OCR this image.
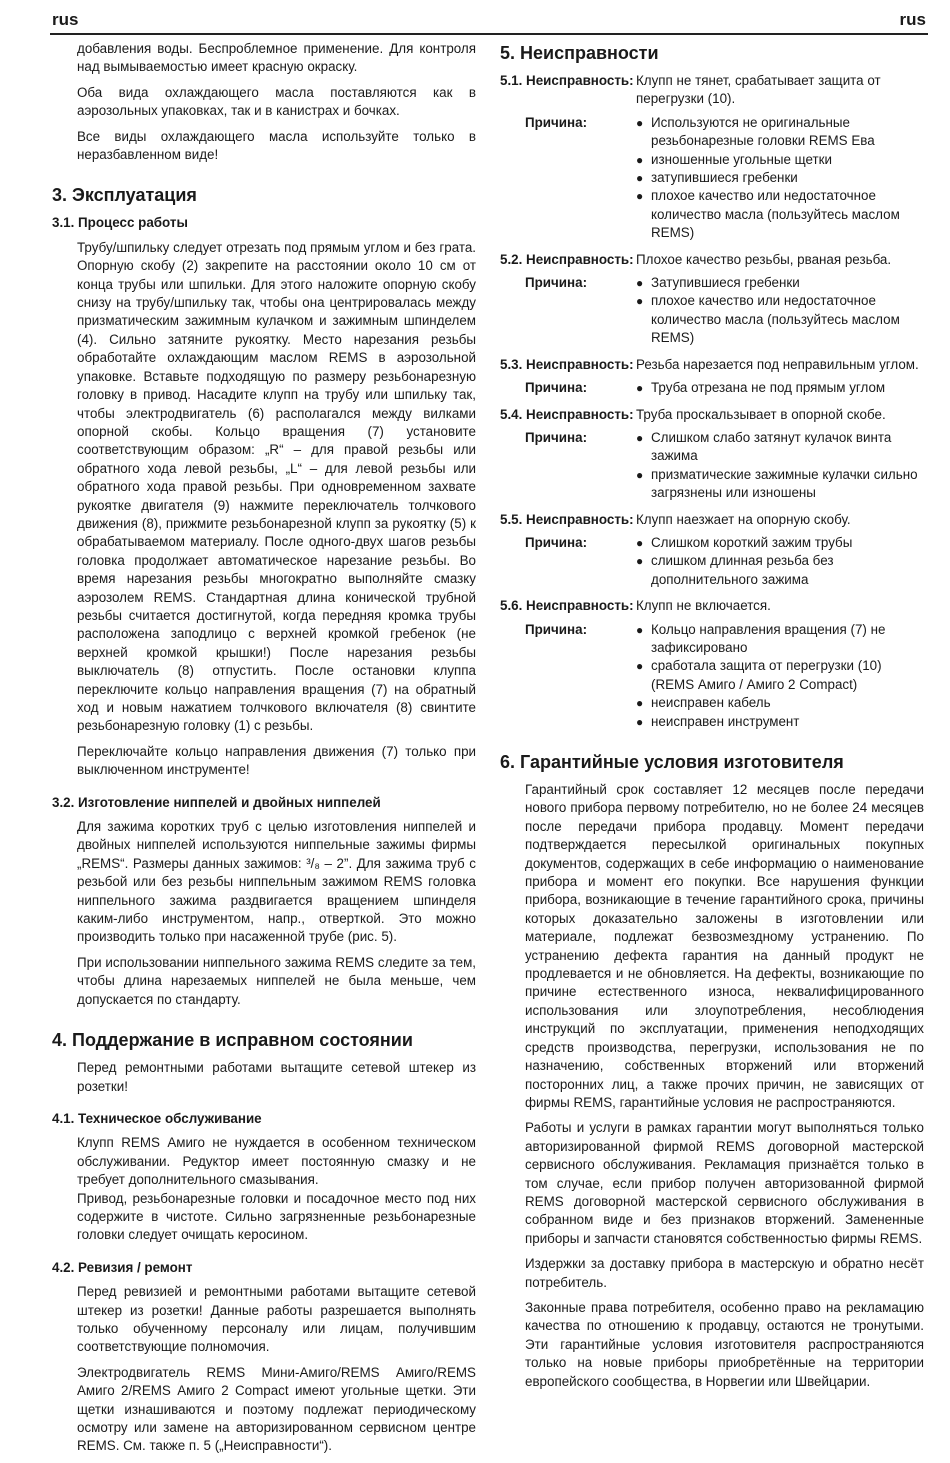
rus	rus

добавления воды. Беспроблемное применение. Для контроля над вымываемостью имеет красную окраску.

Оба вида охлаждающего масла поставляются как в аэрозольных упаковках, так и в канистрах и бочках.

Все виды охлаждающего масла используйте только в неразбавленном виде!

3. Эксплуатация
3.1. Процесс работы

Трубу/шпильку следует отрезать под прямым углом и без грата. Опорную скобу (2) закрепите на расстоянии около 10 см от конца трубы или шпильки. Для этого наложите опорную скобу снизу на трубу/шпильку так, чтобы она центрировалась между призматическим зажимным кулачком и зажимным шпинделем (4). Сильно затяните рукоятку. Место нарезания резьбы обработайте охлаждающим маслом REMS в аэрозольной упаковке. Вставьте подходящую по размеру резьбонарезную головку в привод. Насадите клупп на трубу или шпильку так, чтобы электродвигатель (6) располагался между вилками опорной скобы. Кольцо вращения (7) установите соответствующим образом: „R“ – для правой резьбы или обратного хода левой резьбы, „L“ – для левой резьбы или обратного хода правой резьбы. При одновременном захвате рукоятке двигателя (9) нажмите переключатель толчкового движения (8), прижмите резьбонарезной клупп за рукоятку (5) к обрабатываемом материалу. После одного-двух шагов резьбы головка продолжает автоматическое нарезание резьбы. Во время нарезания резьбы многократно выполняйте смазку аэрозолем REMS. Стандартная длина конической трубной резьбы считается достигнутой, когда передняя кромка трубы расположена заподлицо с верхней кромкой гребенок (не верхней кромкой крышки!) После нарезания резьбы выключатель (8) отпустить. После остановки клуппа переключите кольцо направления вращения (7) на обратный ход и новым нажатием толчкового включателя (8) свинтите резьбонарезную головку (1) с резьбы.

Переключайте кольцо направления движения (7) только при выключенном инструменте!

3.2. Изготовление ниппелей и двойных ниппелей

Для зажима коротких труб с целью изготовления ниппелей и двойных ниппелей используются ниппельные зажимы фирмы „REMS“. Размеры данных зажимов: ³/₈ – 2”. Для зажима труб с резьбой или без резьбы ниппельным зажимом REMS головка ниппельного зажима раздвигается вращением шпинделя каким-либо инструментом, напр., отверткой. Это можно производить только при насаженной трубе (рис. 5).

При использовании ниппельного зажима REMS следите за тем, чтобы длина нарезаемых ниппелей не была меньше, чем допускается по стандарту.

4. Поддержание в исправном состоянии

Перед ремонтными работами вытащите сетевой штекер из розетки!

4.1. Техническое обслуживание

Клупп REMS Амиго не нуждается в особенном техническом обслуживании. Редуктор имеет постоянную смазку и не требует дополнительного смазывания.

Привод, резьбонарезные головки и посадочное место под них содержите в чистоте. Сильно загрязненные резьбонарезные головки следует очищать керосином.

4.2. Ревизия / ремонт

Перед ревизией и ремонтными работами вытащите сетевой штекер из розетки! Данные работы разрешается выполнять только обученному персоналу или лицам, получившим соответствующие полномочия.

Электродвигатель REMS Мини-Амиго/REMS Амиго/REMS Амиго 2/REMS Амиго 2 Compact имеют угольные щетки. Эти щетки изнашиваются и поэтому подлежат периодическому осмотру или замене на авторизированном сервисном центре REMS. См. также п. 5 („Неисправности“).

5. Неисправности
5.1. Неисправность: Клупп не тянет, срабатывает защита от перегрузки (10).
Причина:	● Используются не оригинальные резьбонарезные головки REMS Ева
● изношенные угольные щетки
● затупившиеся гребенки
● плохое качество или недостаточное количество масла (пользуйтесь маслом REMS)
5.2. Неисправность: Плохое качество резьбы, рваная резьба.
Причина:	● Затупившиеся гребенки
● плохое качество или недостаточное количество масла (пользуйтесь маслом REMS)
5.3. Неисправность: Резьба нарезается под неправильным углом.
Причина:	● Труба отрезана не под прямым углом
5.4. Неисправность: Труба проскальзывает в опорной скобе.
Причина:	● Слишком слабо затянут кулачок винта зажима
● призматические зажимные кулачки сильно загрязнены или изношены
5.5. Неисправность: Клупп наезжает на опорную скобу.
Причина:	● Слишком короткий зажим трубы
● слишком длинная резьба без дополнительного зажима
5.6. Неисправность: Клупп не включается.
Причина:	● Кольцо направления вращения (7) не зафиксировано
● сработала защита от перегрузки (10) (REMS Амиго / Амиго 2 Compact)
● неисправен кабель
● неисправен инструмент
6. Гарантийные условия изготовителя

Гарантийный срок составляет 12 месяцев после передачи нового прибора первому потребителю, но не более 24 месяцев после передачи прибора продавцу. Момент передачи подтверждается пересылкой оригинальных покупных документов, содержащих в себе информацию о наименование прибора и момент его покупки. Все нарушения функции прибора, возникающие в течение гарантийного срока, причины которых доказательно заложены в изготовлении или материале, подлежат безвозмездному устранению. По устранению дефекта гарантия на данный продукт не продлевается и не обновляется. На дефекты, возникающие по причине естественного износа, неквалифицированного использования или злоупотребления, несоблюдения инструкций по эксплуатации, применения неподходящих средств производства, перегрузки, использования не по назначению, собственных вторжений или вторжений посторонних лиц, а также прочих причин, не зависящих от фирмы REMS, гарантийные условия не распространяются.

Работы и услуги в рамках гарантии могут выполняться только авторизированной фирмой REMS договорной мастерской сервисного обслуживания. Рекламация признаётся только в том случае, если прибор получен авторизованной фирмой REMS договорной мастерской сервисного обслуживания в собранном виде и без признаков вторжений. Замененные приборы и запчасти становятся собственностью фирмы REMS.

Издержки за доставку прибора в мастерскую и обратно несёт потребитель.

Законные права потребителя, особенно право на рекламацию качества по отношению к продавцу, остаются не тронутыми. Эти гарантийные условия изготовителя распространяются только на новые приборы приобретённые на территории европейского сообщества, в Норвегии или Швейцарии.
